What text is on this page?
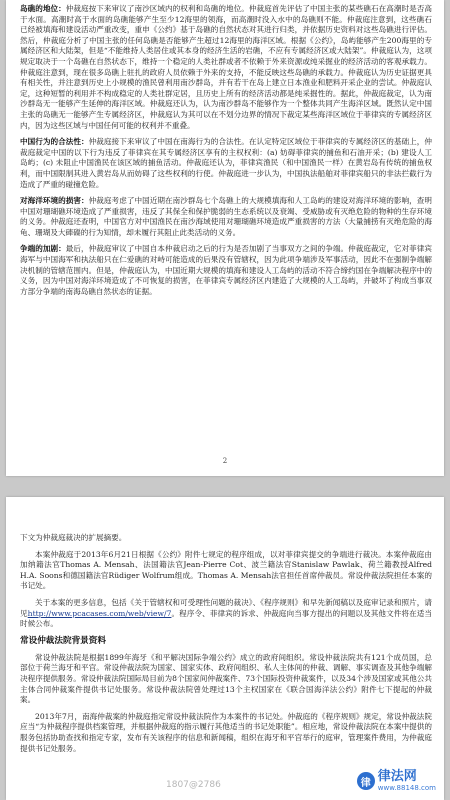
岛礁的地位：仲裁庭按下来审议了南沙区域内的权利和岛礁的地位。仲裁庭首先评估了中国主张的某些礁石在高潮时是否高于水面。高潮时高于水面的岛礁能够产生至少12海里的领海，而高潮时没入水中的岛礁则不能。仲裁庭注意到，这些礁石已经被填海和建设活动严重改变，重申《公约》基于岛礁的自然状态对其进行归类，并依据历史资料对这些岛礁进行评估。然后，仲裁庭分析了中国主张的任何岛礁是否能够产生超过12海里的海洋区域。根据《公约》，岛屿能够产生200海里的专属经济区和大陆架，但是“不能维持人类居住或其本身的经济生活的岩礁，不应有专属经济区或大陆架”。仲裁庭认为，这项规定取决于一个岛礁在自然状态下，维持一个稳定的人类社群或者不依赖于外来资源或纯采掘业的经济活动的客观承载力。仲裁庭注意到，现在很多岛礁上驻扎的政府人员依赖于外来的支持，不能反映这些岛礁的承载力。仲裁庭认为历史证据更具有相关性，并注意到历史上小规模的渔民曾利用南沙群岛，并有若干在岛上建立日本渔业和肥料开采企业的尝试。仲裁庭认定，这种短暂的利用并不构成稳定的人类社群定居，且历史上所有的经济活动都是纯采掘性的。据此，仲裁庭裁定，认为南沙群岛无一能够产生延伸的海洋区域。仲裁庭还认为，认为南沙群岛不能够作为一个整体共同产生海洋区域。既然认定中国主张的岛礁无一能够产生专属经济区，仲裁庭认为其可以在不划分边界的情况下裁定某些海洋区域位于菲律宾的专属经济区内，因为这些区域与中国任何可能的权利并不重叠。

中国行为的合法性：仲裁庭接下来审议了中国在南海行为的合法性。在认定特定区域位于菲律宾的专属经济区的基础上，仲裁庭裁定中国的以下行为违反了菲律宾在其专属经济区享有的主权权利：(a) 妨碍菲律宾的捕鱼和石油开采；(b) 建设人工岛屿；(c) 未阻止中国渔民在该区域的捕鱼活动。仲裁庭还认为，菲律宾渔民（和中国渔民一样）在黄岩岛有传统的捕鱼权利，而中国限制其进入黄岩岛从而妨碍了这些权利的行使。仲裁庭进一步认为，中国执法船舶对菲律宾船只的非法拦截行为造成了严重的碰撞危险。

对海洋环境的损害：仲裁庭考虑了中国近期在南沙群岛七个岛礁上的大规模填海和人工岛屿的建设对海洋环境的影响，查明中国对珊瑚礁环境造成了严重损害，违反了其保全和保护脆弱的生态系统以及衰竭、受威胁或有灭绝危险的物种的生存环境的义务。仲裁庭还查明，中国官方对中国渔民在南沙海域使用对珊瑚礁环境造成严重损害的方法（大量捕捞有灭绝危险的海龟、珊瑚及大硨磲的行为知情，却未履行其阻止此类活动的义务。

争端的加剧：最后，仲裁庭审议了中国自本仲裁启动之后的行为是否加剧了当事双方之间的争端。仲裁庭裁定，它对菲律宾海军与中国海军和执法船只在仁爱礁的对峙可能造成的后果没有管辖权，因为此项争端涉及军事活动，因此不在强制争端解决机制的管辖范围内。但是，仲裁庭认为，中国近期大规模的填海和建设人工岛屿的活动不符合缔约国在争端解决程序中的义务，因为中国对海洋环境造成了不可恢复的损害，在菲律宾专属经济区内建造了大规模的人工岛屿，并破坏了构成当事双方部分争端的南海岛礁自然状态的证据。

2

下文为仲裁庭裁决的扩展摘要。

本案仲裁庭于2013年6月21日根据《公约》附件七规定的程序组成，以对菲律宾提交的争端进行裁决。本案仲裁庭由加纳籍法官Thomas A. Mensah、法国籍法官Jean-Pierre Cot、波兰籍法官Stanislaw Pawlak、荷兰籍教授Alfred H.A. Soons和德国籍法官Rüdiger Wolfrum组成。Thomas A. Mensah法官担任首席仲裁员。常设仲裁法院担任本案的书记处。

关于本案的更多信息，包括《关于管辖权和可受理性问题的裁决》、《程序规则》和早先新闻稿以及庭审记录和照片，请见http://www.pcacases.com/web/view/7。程序令、菲律宾的诉求、仲裁庭向当事方提出的问题以及其他文件将在适当时候公布。

常设仲裁法院背景资料

常设仲裁法院是根据1899年海牙《和平解决国际争端公约》成立的政府间组织。常设仲裁法院共有121个成员国，总部位于荷兰海牙和平宫。常设仲裁法院为国家、国家实体、政府间组织、私人主体间的仲裁、调解、事实调查及其他争端解决程序提供服务。常设仲裁法院国际局目前为8个国家间仲裁案件、73个国际投资仲裁案件，以及34个涉及国家或其他公共主体合同仲裁案件提供书记处服务。常设仲裁法院曾处理过13个主权国家在《联合国海洋法公约》附件七下提起的仲裁案。

2013年7月，南海仲裁案的仲裁庭指定常设仲裁法院作为本案件的书记处。仲裁庭的《程序规则》规定，常设仲裁法院应当“为仲裁程序提供档案管理，并根据仲裁庭的指示履行其他适当的书记处职能”。相应地，常设仲裁法院在本案中提供的服务包括协助查找和指定专家，发布有关该程序的信息和新闻稿，组织在海牙和平宫举行的庭审，管理案件费用，为仲裁庭提供书记处服务。

1807@2786	律 律法网
www.88148.com
